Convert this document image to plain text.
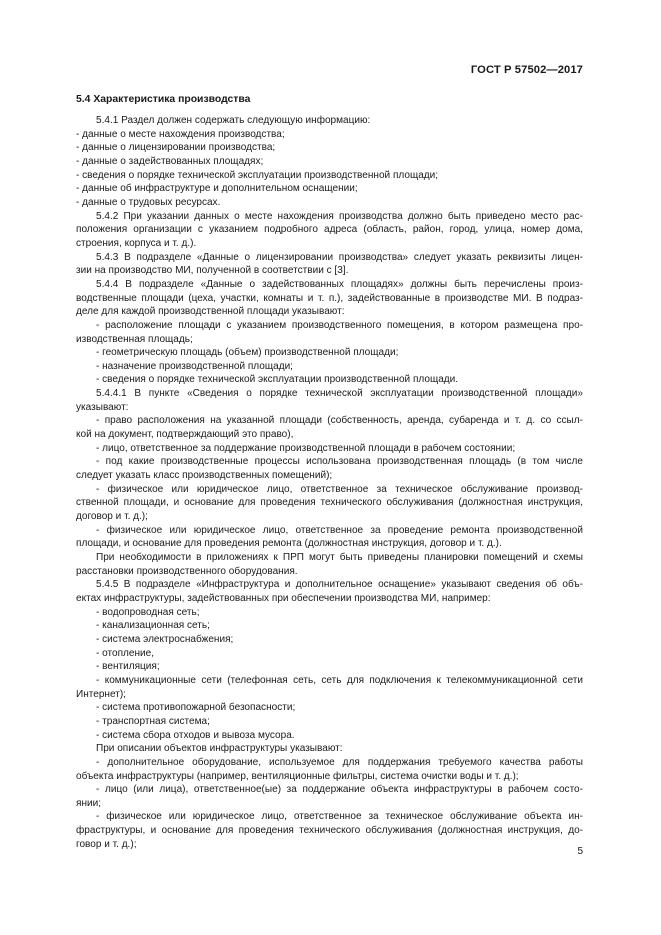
ГОСТ Р 57502—2017
5.4 Характеристика производства
5.4.1 Раздел должен содержать следующую информацию:
- данные о месте нахождения производства;
- данные о лицензировании производства;
- данные о задействованных площадях;
- сведения о порядке технической эксплуатации производственной площади;
- данные об инфраструктуре и дополнительном оснащении;
- данные о трудовых ресурсах.
5.4.2 При указании данных о месте нахождения производства должно быть приведено место рас-
положения организации с указанием подробного адреса (область, район, город, улица, номер дома,
строения, корпуса и т. д.).
5.4.3 В подразделе «Данные о лицензировании производства» следует указать реквизиты лицен-
зии на производство МИ, полученной в соответствии с [3].
5.4.4 В подразделе «Данные о задействованных площадях» должны быть перечислены произ-
водственные площади (цеха, участки, комнаты и т. п.), задействованные в производстве МИ. В подраз-
деле для каждой производственной площади указывают:
- расположение площади с указанием производственного помещения, в котором размещена про-
изводственная площадь;
- геометрическую площадь (объем) производственной площади;
- назначение производственной площади;
- сведения о порядке технической эксплуатации производственной площади.
5.4.4.1 В пункте «Сведения о порядке технической эксплуатации производственной площади»
указывают:
- право расположения на указанной площади (собственность, аренда, субаренда и т. д. со ссыл-
кой на документ, подтверждающий это право),
- лицо, ответственное за поддержание производственной площади в рабочем состоянии;
- под какие производственные процессы использована производственная площадь (в том числе
следует указать класс производственных помещений);
- физическое или юридическое лицо, ответственное за техническое обслуживание производ-
ственной площади, и основание для проведения технического обслуживания (должностная инструкция,
договор и т. д.);
- физическое или юридическое лицо, ответственное за проведение ремонта производственной
площади, и основание для проведения ремонта (должностная инструкция, договор и т. д.).
При необходимости в приложениях к ПРП могут быть приведены планировки помещений и схемы
расстановки производственного оборудования.
5.4.5 В подразделе «Инфраструктура и дополнительное оснащение» указывают сведения об объ-
ектах инфраструктуры, задействованных при обеспечении производства МИ, например:
- водопроводная сеть;
- канализационная сеть;
- система электроснабжения;
- отопление,
- вентиляция;
- коммуникационные сети (телефонная сеть, сеть для подключения к телекоммуникационной сети
Интернет);
- система противопожарной безопасности;
- транспортная система;
- система сбора отходов и вывоза мусора.
При описании объектов инфраструктуры указывают:
- дополнительное оборудование, используемое для поддержания требуемого качества работы
объекта инфраструктуры (например, вентиляционные фильтры, система очистки воды и т. д.);
- лицо (или лица), ответственное(ые) за поддержание объекта инфраструктуры в рабочем состо-
янии;
- физическое или юридическое лицо, ответственное за техническое обслуживание объекта ин-
фраструктуры, и основание для проведения технического обслуживания (должностная инструкция, до-
говор и т. д.);
5
